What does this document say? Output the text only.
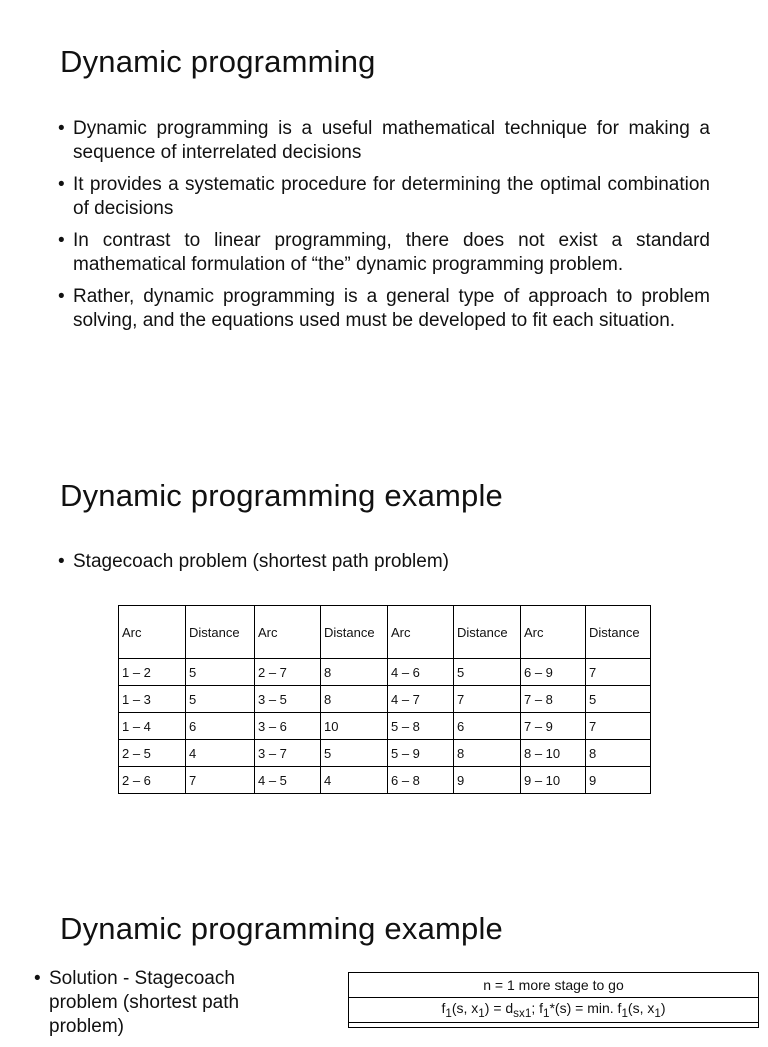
Dynamic programming
• Dynamic programming is a useful mathematical technique for making a sequence of interrelated decisions
• It provides a systematic procedure for determining the optimal combination of decisions
• In contrast to linear programming, there does not exist a standard mathematical formulation of “the” dynamic programming problem.
• Rather, dynamic programming is a general type of approach to problem solving, and the equations used must be developed to fit each situation.
Dynamic programming example
• Stagecoach problem (shortest path problem)
Arc	Distance	Arc	Distance	Arc	Distance	Arc	Distance
1 – 2	5	2 – 7	8	4 – 6	5	6 – 9	7
1 – 3	5	3 – 5	8	4 – 7	7	7 – 8	5
1 – 4	6	3 – 6	10	5 – 8	6	7 – 9	7
2 – 5	4	3 – 7	5	5 – 9	8	8 – 10	8
2 – 6	7	4 – 5	4	6 – 8	9	9 – 10	9
Dynamic programming example
• Solution - Stagecoach problem (shortest path problem)
n = 1 more stage to go
$f_1(s$, $x_1) = d_{sx1}$; $f_1*(s) = \min$. $f_1(s$, $x_1$)
